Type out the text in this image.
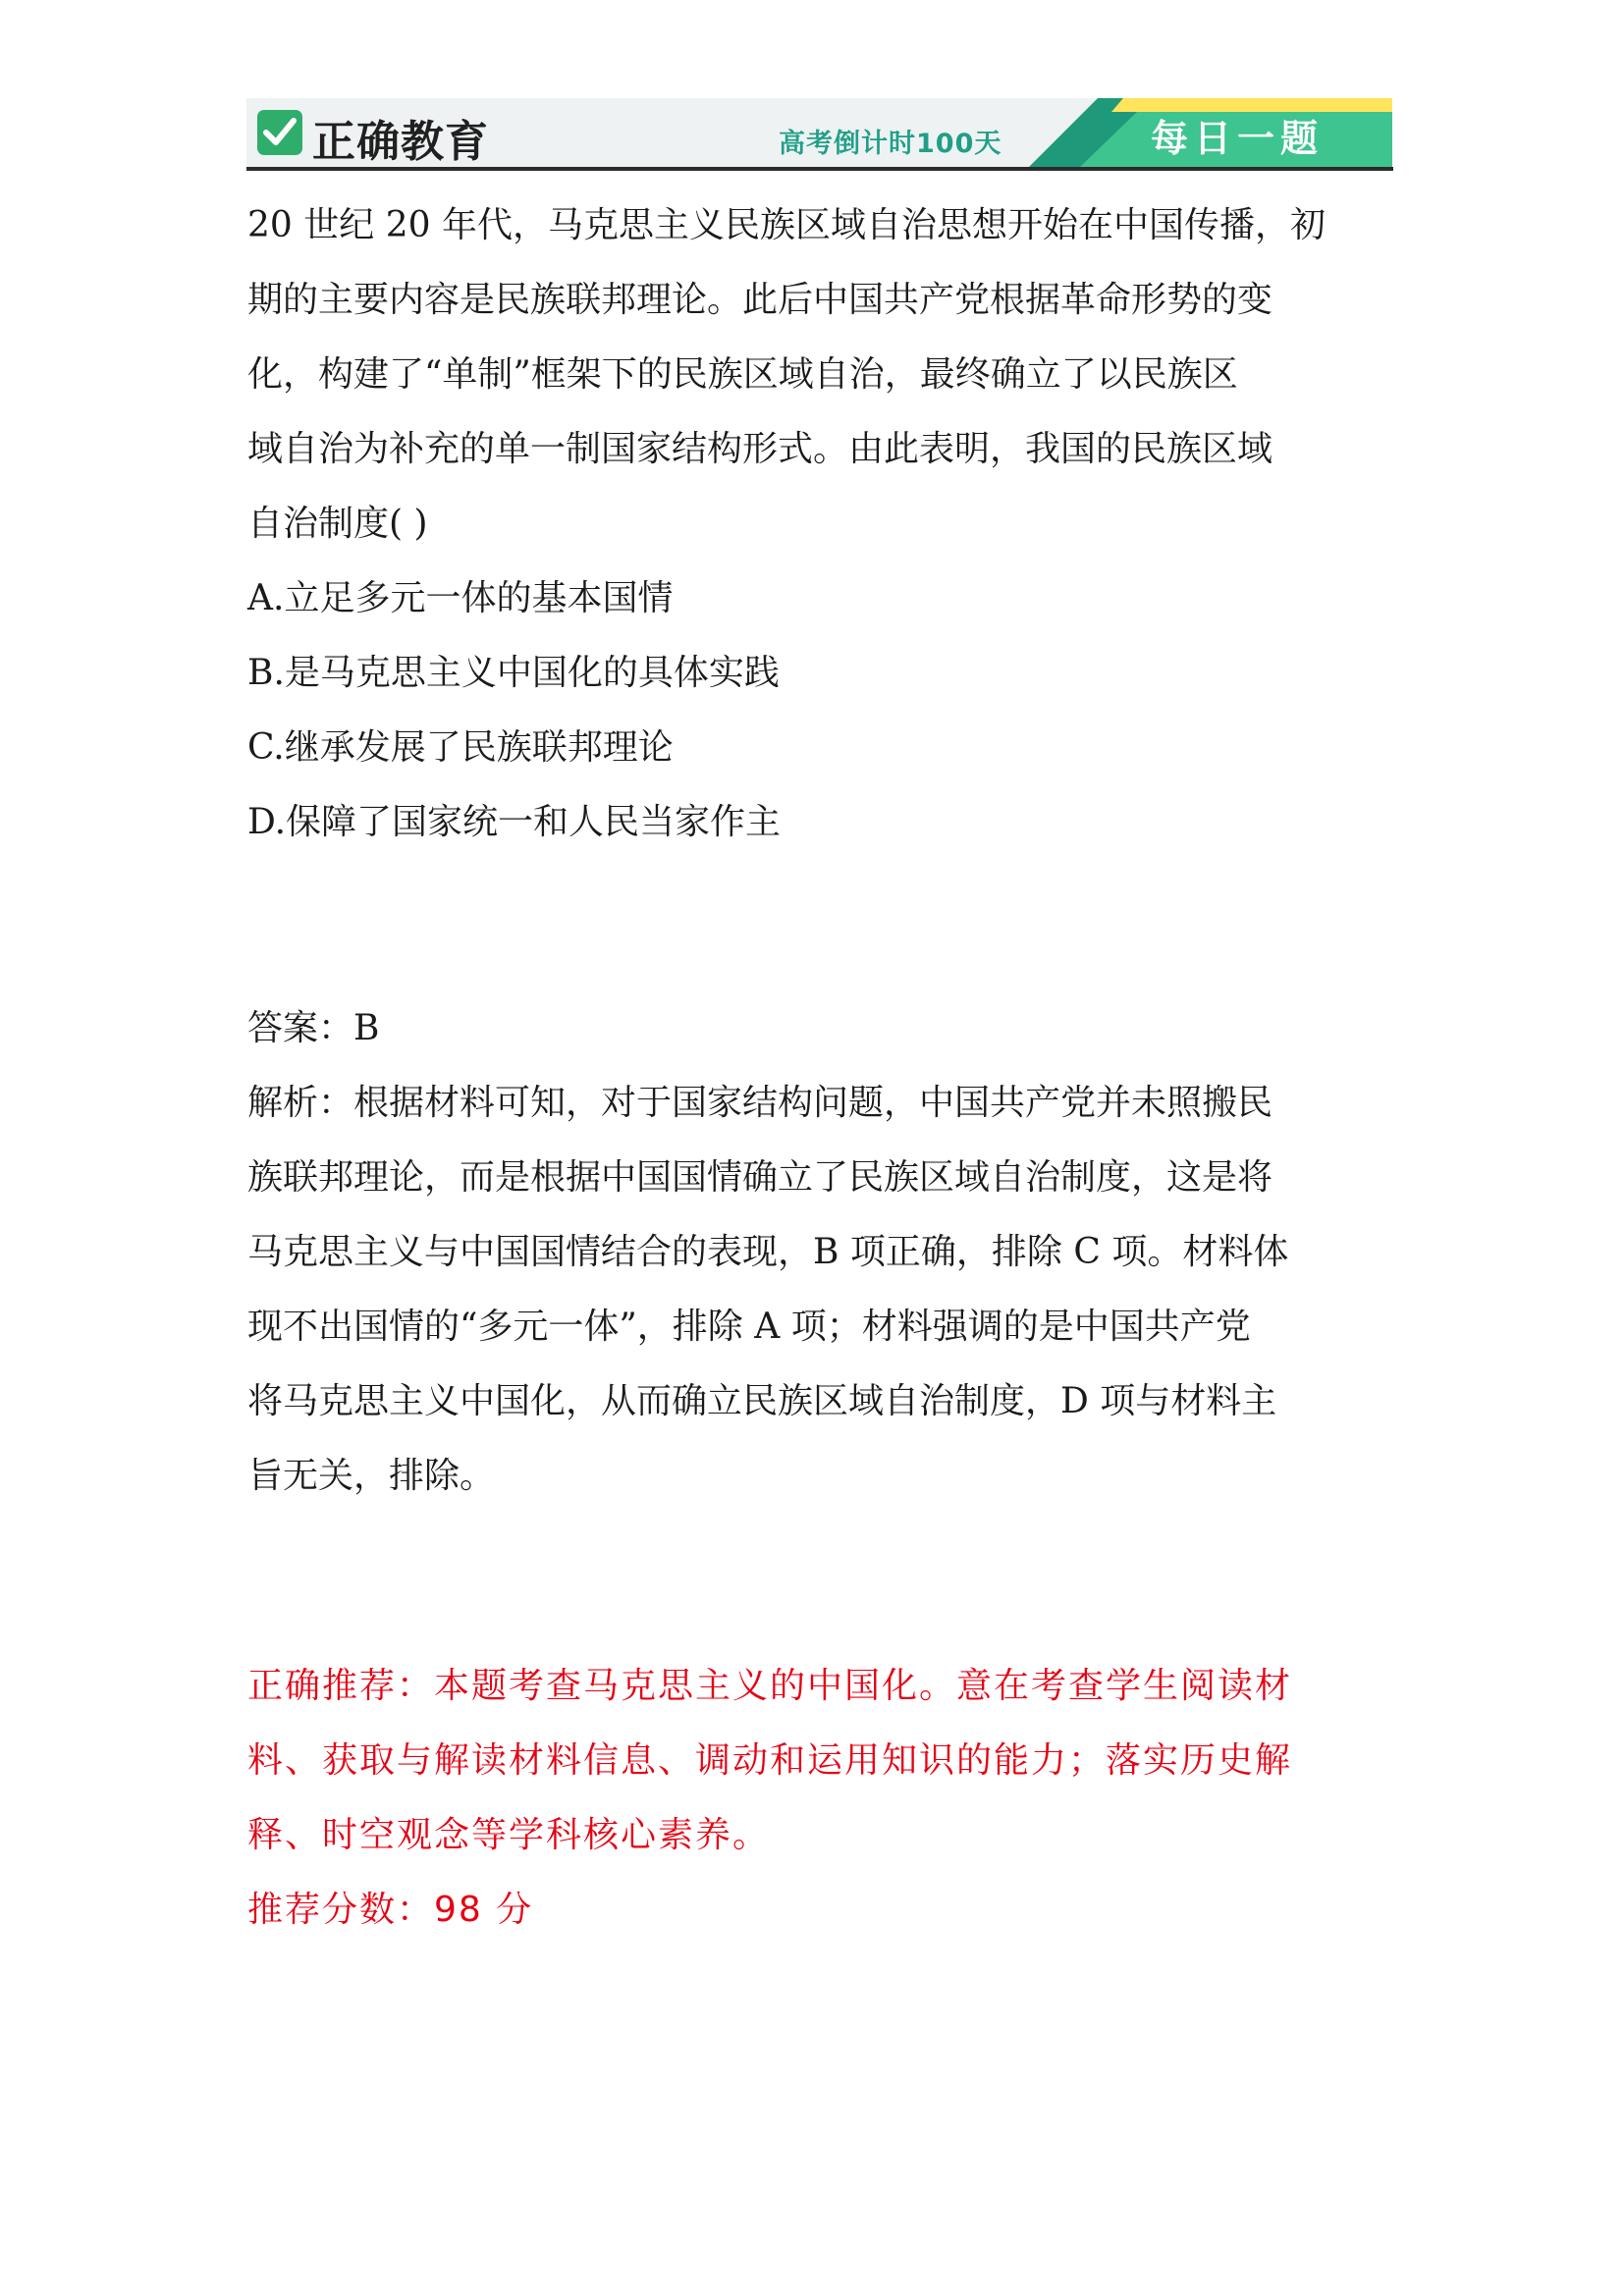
正确教育	高考倒计时100天	每日一题

20 世纪 20 年代，马克思主义民族区域自治思想开始在中国传播，初

期的主要内容是民族联邦理论。此后中国共产党根据革命形势的变

化，构建了“单制”框架下的民族区域自治，最终确立了以民族区

域自治为补充的单一制国家结构形式。由此表明，我国的民族区域

自治制度( )

A.立足多元一体的基本国情

B.是马克思主义中国化的具体实践

C.继承发展了民族联邦理论

D.保障了国家统一和人民当家作主

答案：B

解析：根据材料可知，对于国家结构问题，中国共产党并未照搬民

族联邦理论，而是根据中国国情确立了民族区域自治制度，这是将

马克思主义与中国国情结合的表现，B 项正确，排除 C 项。材料体

现不出国情的“多元一体”，排除 A 项；材料强调的是中国共产党

将马克思主义中国化，从而确立民族区域自治制度，D 项与材料主

旨无关，排除。

正确推荐：本题考查马克思主义的中国化。意在考查学生阅读材

料、获取与解读材料信息、调动和运用知识的能力；落实历史解

释、时空观念等学科核心素养。

推荐分数：98 分
